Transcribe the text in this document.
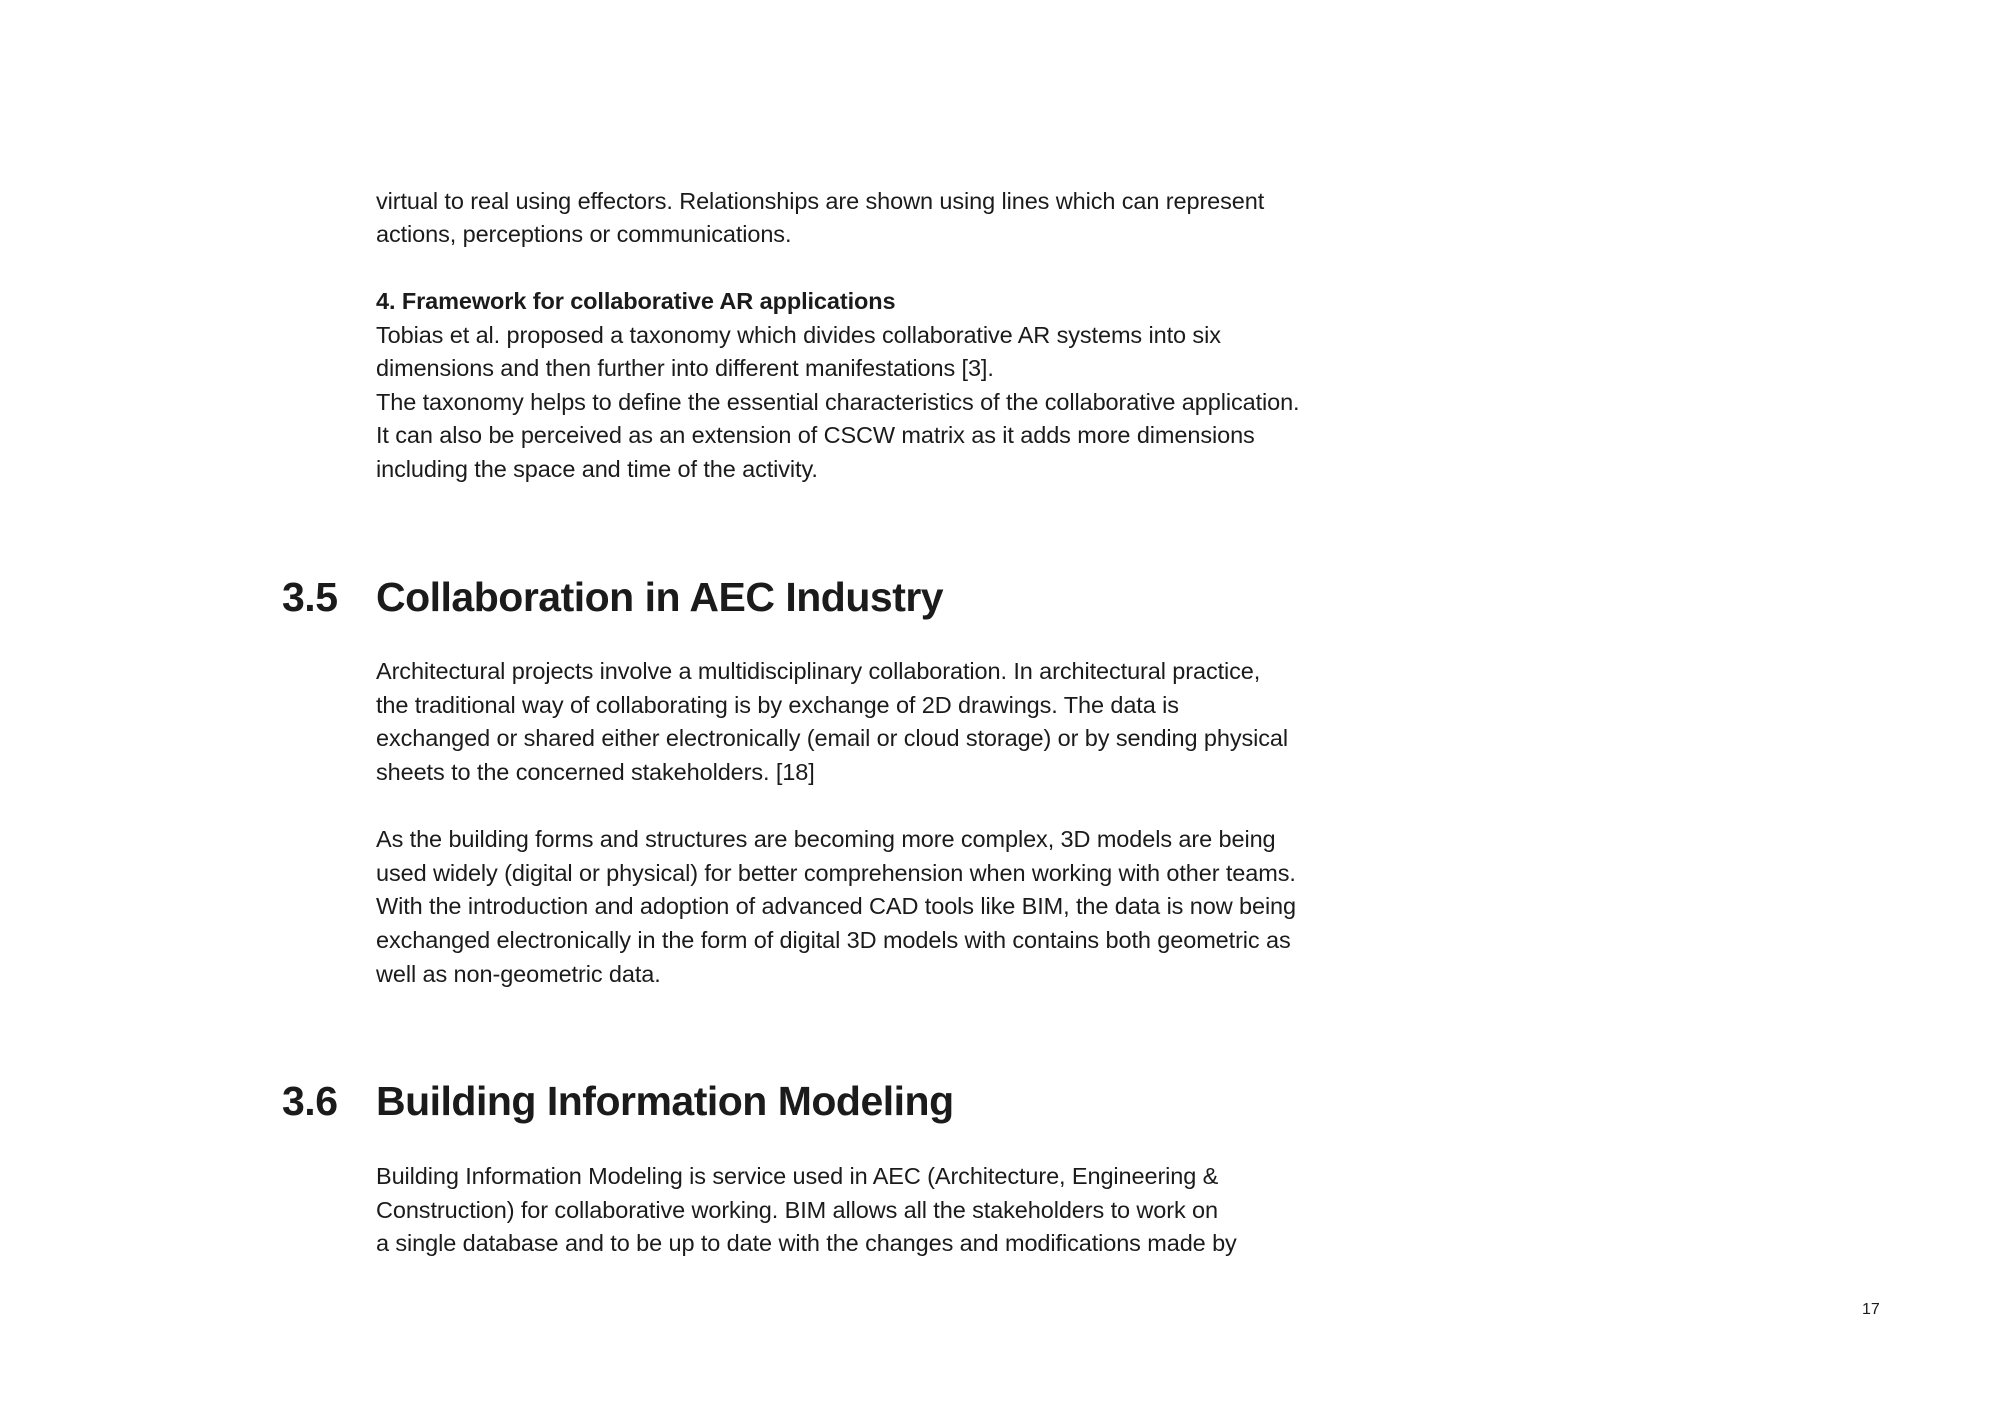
virtual to real using effectors. Relationships are shown using lines which can represent
actions, perceptions or communications.
4. Framework for collaborative AR applications
Tobias et al. proposed a taxonomy which divides collaborative AR systems into six
dimensions and then further into different manifestations [3].
The taxonomy helps to define the essential characteristics of the collaborative application.
It can also be perceived as an extension of CSCW matrix as it adds more dimensions
including the space and time of the activity.
3.5 Collaboration in AEC Industry
Architectural projects involve a multidisciplinary collaboration. In architectural practice,
the traditional way of collaborating is by exchange of 2D drawings. The data is
exchanged or shared either electronically (email or cloud storage) or by sending physical
sheets to the concerned stakeholders. [18]
As the building forms and structures are becoming more complex, 3D models are being
used widely (digital or physical) for better comprehension when working with other teams.
With the introduction and adoption of advanced CAD tools like BIM, the data is now being
exchanged electronically in the form of digital 3D models with contains both geometric as
well as non-geometric data.
3.6 Building Information Modeling
Building Information Modeling is service used in AEC (Architecture, Engineering &
Construction) for collaborative working. BIM allows all the stakeholders to work on
a single database and to be up to date with the changes and modifications made by
17
